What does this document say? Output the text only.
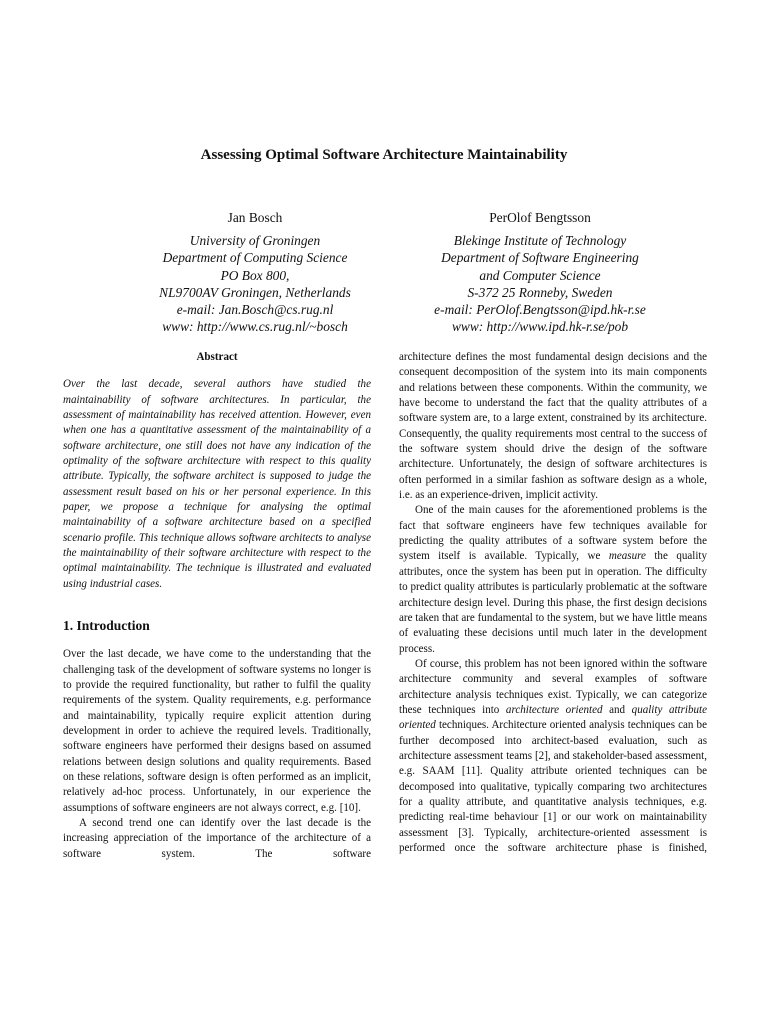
Assessing Optimal Software Architecture Maintainability
Jan Bosch
University of Groningen
Department of Computing Science
PO Box 800,
NL9700AV Groningen, Netherlands
e-mail: Jan.Bosch@cs.rug.nl
www: http://www.cs.rug.nl/~bosch
PerOlof Bengtsson
Blekinge Institute of Technology
Department of Software Engineering
and Computer Science
S-372 25 Ronneby, Sweden
e-mail: PerOlof.Bengtsson@ipd.hk-r.se
www: http://www.ipd.hk-r.se/pob
Abstract

Over the last decade, several authors have studied the maintainability of software architectures. In particular, the assessment of maintainability has received attention. However, even when one has a quantitative assessment of the maintainability of a software architecture, one still does not have any indication of the optimality of the software architecture with respect to this quality attribute. Typically, the software architect is supposed to judge the assessment result based on his or her personal experience. In this paper, we propose a technique for analysing the optimal maintainability of a software architecture based on a specified scenario profile. This technique allows software architects to analyse the maintainability of their software architecture with respect to the optimal maintainability. The technique is illustrated and evaluated using industrial cases.

1. Introduction

Over the last decade, we have come to the understanding that the challenging task of the development of software systems no longer is to provide the required functionality, but rather to fulfil the quality requirements of the system. Quality requirements, e.g. performance and maintainability, typically require explicit attention during development in order to achieve the required levels. Traditionally, software engineers have performed their designs based on assumed relations between design solutions and quality requirements. Based on these relations, software design is often performed as an implicit, relatively ad-hoc process. Unfortunately, in our experience the assumptions of software engineers are not always correct, e.g. [10].

A second trend one can identify over the last decade is the increasing appreciation of the importance of the architecture of a software system. The software

architecture defines the most fundamental design decisions and the consequent decomposition of the system into its main components and relations between these components. Within the community, we have become to understand the fact that the quality attributes of a software system are, to a large extent, constrained by its architecture. Consequently, the quality requirements most central to the success of the software system should drive the design of the software architecture. Unfortunately, the design of software architectures is often performed in a similar fashion as software design as a whole, i.e. as an experience-driven, implicit activity.

One of the main causes for the aforementioned problems is the fact that software engineers have few techniques available for predicting the quality attributes of a software system before the system itself is available. Typically, we measure the quality attributes, once the system has been put in operation. The difficulty to predict quality attributes is particularly problematic at the software architecture design level. During this phase, the first design decisions are taken that are fundamental to the system, but we have little means of evaluating these decisions until much later in the development process.

Of course, this problem has not been ignored within the software architecture community and several examples of software architecture analysis techniques exist. Typically, we can categorize these techniques into architecture oriented and quality attribute oriented techniques. Architecture oriented analysis techniques can be further decomposed into architect-based evaluation, such as architecture assessment teams [2], and stakeholder-based assessment, e.g. SAAM [11]. Quality attribute oriented techniques can be decomposed into qualitative, typically comparing two architectures for a quality attribute, and quantitative analysis techniques, e.g. predicting real-time behaviour [1] or our work on maintainability assessment [3]. Typically, architecture-oriented assessment is performed once the software architecture phase is finished,
